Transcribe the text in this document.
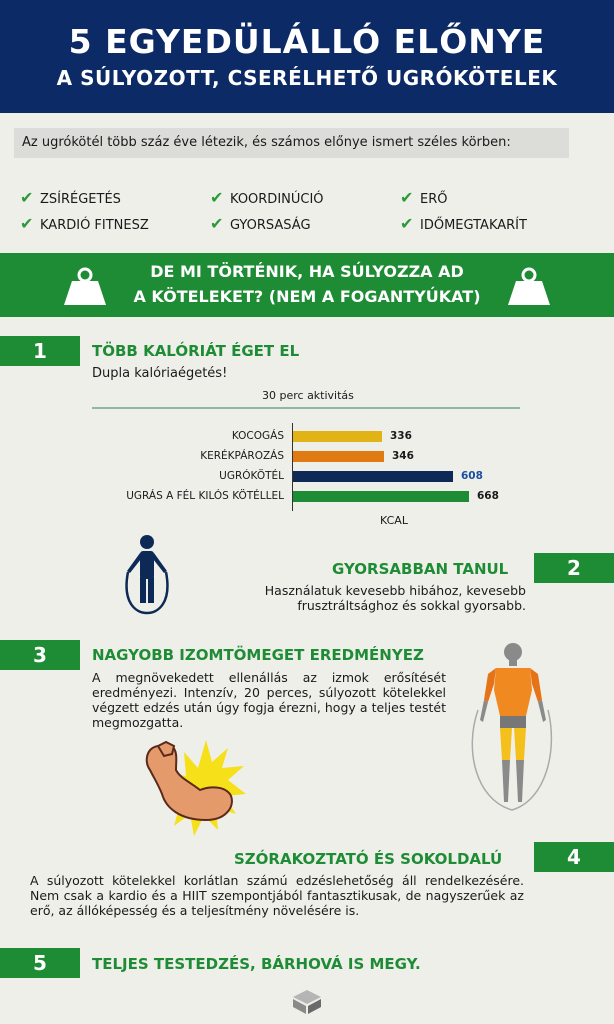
5 EGYEDÜLÁLLÓ ELŐNYE
A SÚLYOZOTT, CSERÉLHETŐ UGRÓKÖTELEK
Az ugrókötél több száz éve létezik, és számos előnye ismert széles körben:
✔ ZSÍRÉGETÉS	✔ KOORDINÚCIÓ	✔ ERŐ
✔ KARDIÓ FITNESZ	✔ GYORSASÁG	✔ IDŐMEGTAKARÍT
DE MI TÖRTÉNIK, HA SÚLYOZZA AD
A KÖTELEKET? (NEM A FOGANTYÚKAT)
1	TÖBB KALÓRIÁT ÉGET EL
Dupla kalóriaégetés!
30 perc aktivitás
KOCOGÁS	336
KERÉKPÁROZÁS	346
UGRÓKÖTÉL	608
UGRÁS A FÉL KILÓS KÖTÉLLEL	668
KCAL
2
GYORSABBAN TANUL
Használatuk kevesebb hibához, kevesebb frusztráltsághoz és sokkal gyorsabb.
3	NAGYOBB IZOMTÖMEGET EREDMÉNYEZ
A megnövekedett ellenállás az izmok erősítését eredményezi. Intenzív, 20 perces, súlyozott kötelekkel végzett edzés után úgy fogja érezni, hogy a teljes testét megmozgatta.
4
SZÓRAKOZTATÓ ÉS SOKOLDALÚ
A súlyozott kötelekkel korlátlan számú edzéslehetőség áll rendelkezésére. Nem csak a kardio és a HIIT szempontjából fantasztikusak, de nagyszerűek az erő, az állóképesség és a teljesítmény növelésére is.
5	TELJES TESTEDZÉS, BÁRHOVÁ IS MEGY.
